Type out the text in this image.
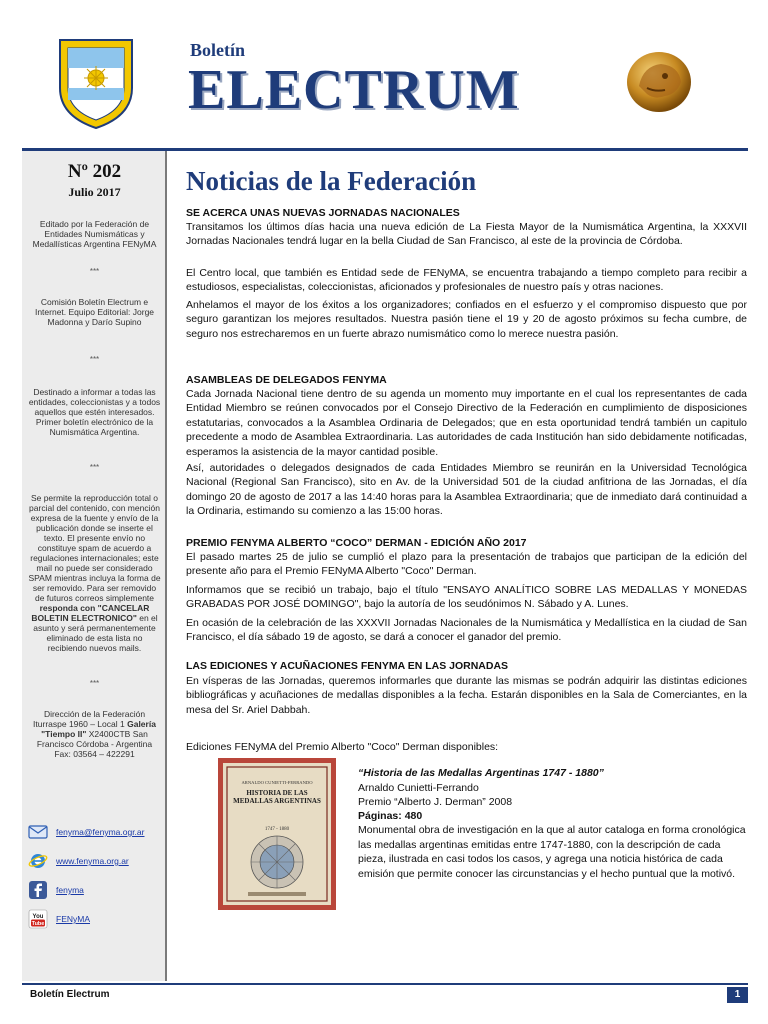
Boletín
ELECTRUM
Nº 202
Julio 2017
Editado por la Federación de Entidades Numismáticas y Medallísticas Argentina FENyMA
***
Comisión Boletín Electrum e Internet. Equipo Editorial: Jorge Madonna y Darío Supino
***
Destinado a informar a todas las entidades, coleccionistas y a todos aquellos que estén interesados. Primer boletín electrónico de la Numismática Argentina.
***
Se permite la reproducción total o parcial del contenido, con mención expresa de la fuente y envío de la publicación donde se inserte el texto. El presente envío no constituye spam de acuerdo a regulaciones internacionales; este mail no puede ser considerado SPAM mientras incluya la forma de ser removido. Para ser removido de futuros correos simplemente responda con "CANCELAR BOLETIN ELECTRONICO" en el asunto y será permanentemente eliminado de esta lista no recibiendo nuevos mails.
***
Dirección de la Federación Iturraspe 1960 – Local 1 Galería "Tiempo II" X2400CTB San Francisco Córdoba - Argentina Fax: 03564 – 422291
fenyma@fenyma.ogr.ar
www.fenyma.org.ar
fenyma
You
Tube FENyMA
Noticias de la Federación
SE ACERCA UNAS NUEVAS JORNADAS NACIONALES
Transitamos los últimos días hacia una nueva edición de La Fiesta Mayor de la Numismática Argentina, la XXXVII Jornadas Nacionales tendrá lugar en la bella Ciudad de San Francisco, al este de la provincia de Córdoba.
El Centro local, que también es Entidad sede de FENyMA, se encuentra trabajando a tiempo completo para recibir a estudiosos, especialistas, coleccionistas, aficionados y profesionales de nuestro país y otras naciones.
Anhelamos el mayor de los éxitos a los organizadores; confiados en el esfuerzo y el compromiso dispuesto que por seguro garantizan los mejores resultados. Nuestra pasión tiene el 19 y 20 de agosto próximos su fecha cumbre, de seguro nos estrecharemos en un fuerte abrazo numismático como lo merece nuestra pasión.
ASAMBLEAS DE DELEGADOS FENYMA
Cada Jornada Nacional tiene dentro de su agenda un momento muy importante en el cual los representantes de cada Entidad Miembro se reúnen convocados por el Consejo Directivo de la Federación en cumplimiento de disposiciones estatutarias, convocados a la Asamblea Ordinaria de Delegados; que en esta oportunidad tendrá también un capitulo precedente a modo de Asamblea Extraordinaria. Las autoridades de cada Institución han sido debidamente notificadas, esperamos la asistencia de la mayor cantidad posible.
Así, autoridades o delegados designados de cada Entidades Miembro se reunirán en la Universidad Tecnológica Nacional (Regional San Francisco), sito en Av. de la Universidad 501 de la ciudad anfitriona de las Jornadas, el día domingo 20 de agosto de 2017 a las 14:40 horas para la Asamblea Extraordinaria; que de inmediato dará continuidad a la Ordinaria, estimando su comienzo a las 15:00 horas.
PREMIO FENYMA ALBERTO “COCO” DERMAN - EDICIÓN AÑO 2017
El pasado martes 25 de julio se cumplió el plazo para la presentación de trabajos que participan de la edición del presente año para el Premio FENyMA Alberto "Coco" Derman.
Informamos que se recibió un trabajo, bajo el título "ENSAYO ANALÍTICO SOBRE LAS MEDALLAS Y MONEDAS GRABADAS POR JOSÉ DOMINGO", bajo la autoría de los seudónimos N. Sábado y A. Lunes.
En ocasión de la celebración de las XXXVII Jornadas Nacionales de la Numismática y Medallística en la ciudad de San Francisco, el día sábado 19 de agosto, se dará a conocer el ganador del premio.
LAS EDICIONES Y ACUÑACIONES FENYMA EN LAS JORNADAS
En vísperas de las Jornadas, queremos informarles que durante las mismas se podrán adquirir las distintas ediciones bibliográficas y acuñaciones de medallas disponibles a la fecha. Estarán disponibles en la Sala de Comerciantes, en la mesa del Sr. Ariel Dabbah.
Ediciones FENyMA del Premio Alberto "Coco" Derman disponibles:
ARNALDO CUNIETTI-FERRANDO
HISTORIA DE LAS MEDALLAS ARGENTINAS
1747 - 1880
“Historia de las Medallas Argentinas 1747 - 1880”
Arnaldo Cunietti-Ferrando
Premio “Alberto J. Derman” 2008
Páginas: 480
Monumental obra de investigación en la que al autor cataloga en forma cronológica las medallas argentinas emitidas entre 1747-1880, con la descripción de cada pieza, ilustrada en casi todos los casos, y agrega una noticia histórica de cada emisión que permite conocer las circunstancias y el hecho puntual que la motivó.
Boletín Electrum	1
